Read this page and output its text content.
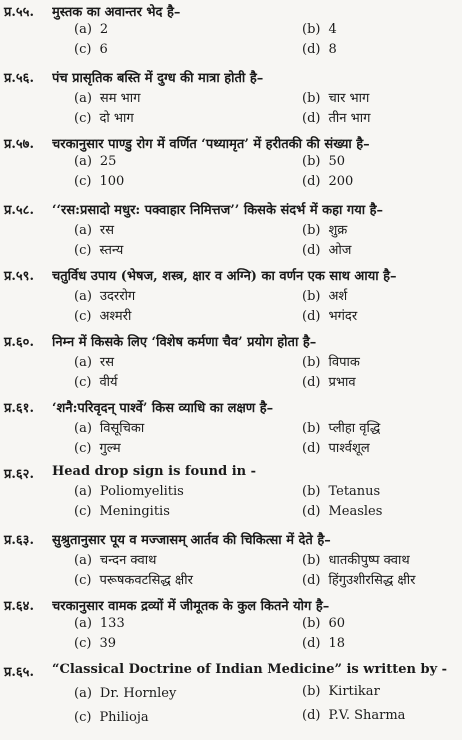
प्र.५५. मुस्तक का अवान्तर भेद है–
(a) 2	(b) 4
(c) 6	(d) 8
प्र.५६. पंच प्रासृतिक बस्ति में दुग्ध की मात्रा होती है–
(a) सम भाग	(b) चार भाग
(c) दो भाग	(d) तीन भाग
प्र.५७. चरकानुसार पाण्डु रोग में वर्णित ‘पथ्यामृत’ में हरीतकी की संख्या है–
(a) 25	(b) 50
(c) 100	(d) 200
प्र.५८. ‘‘रस:प्रसादो मधुर: पक्वाहार निमित्तज’’ किसके संदर्भ में कहा गया है–
(a) रस	(b) शुक्र
(c) स्तन्य	(d) ओज
प्र.५९. चतुर्विध उपाय (भेषज, शस्त्र, क्षार व अग्नि) का वर्णन एक साथ आया है–
(a) उदररोग	(b) अर्श
(c) अश्मरी	(d) भगंदर
प्र.६०. निम्न में किसके लिए ‘विशेष कर्मणा चैव’ प्रयोग होता है–
(a) रस	(b) विपाक
(c) वीर्य	(d) प्रभाव
प्र.६१. ‘शनै:परिवृदन् पार्श्वे’ किस व्याधि का लक्षण है–
(a) विसूचिका	(b) प्लीहा वृद्धि
(c) गुल्म	(d) पार्श्वशूल
प्र.६२. Head drop sign is found in -
(a) Poliomyelitis	(b) Tetanus
(c) Meningitis	(d) Measles
प्र.६३. सुश्रुतानुसार पूय व मज्जासम् आर्तव की चिकित्सा में देते है–
(a) चन्दन क्वाथ	(b) धातकीपुष्प क्वाथ
(c) परूषकवटसिद्ध क्षीर	(d) हिंगुउशीरसिद्ध क्षीर
प्र.६४. चरकानुसार वामक द्रव्यों में जीमूतक के कुल कितने योग है–
(a) 133	(b) 60
(c) 39	(d) 18
प्र.६५. “Classical Doctrine of Indian Medicine” is written by -
(a) Dr. Hornley	(b) Kirtikar
(c) Philioja	(d) P.V. Sharma
